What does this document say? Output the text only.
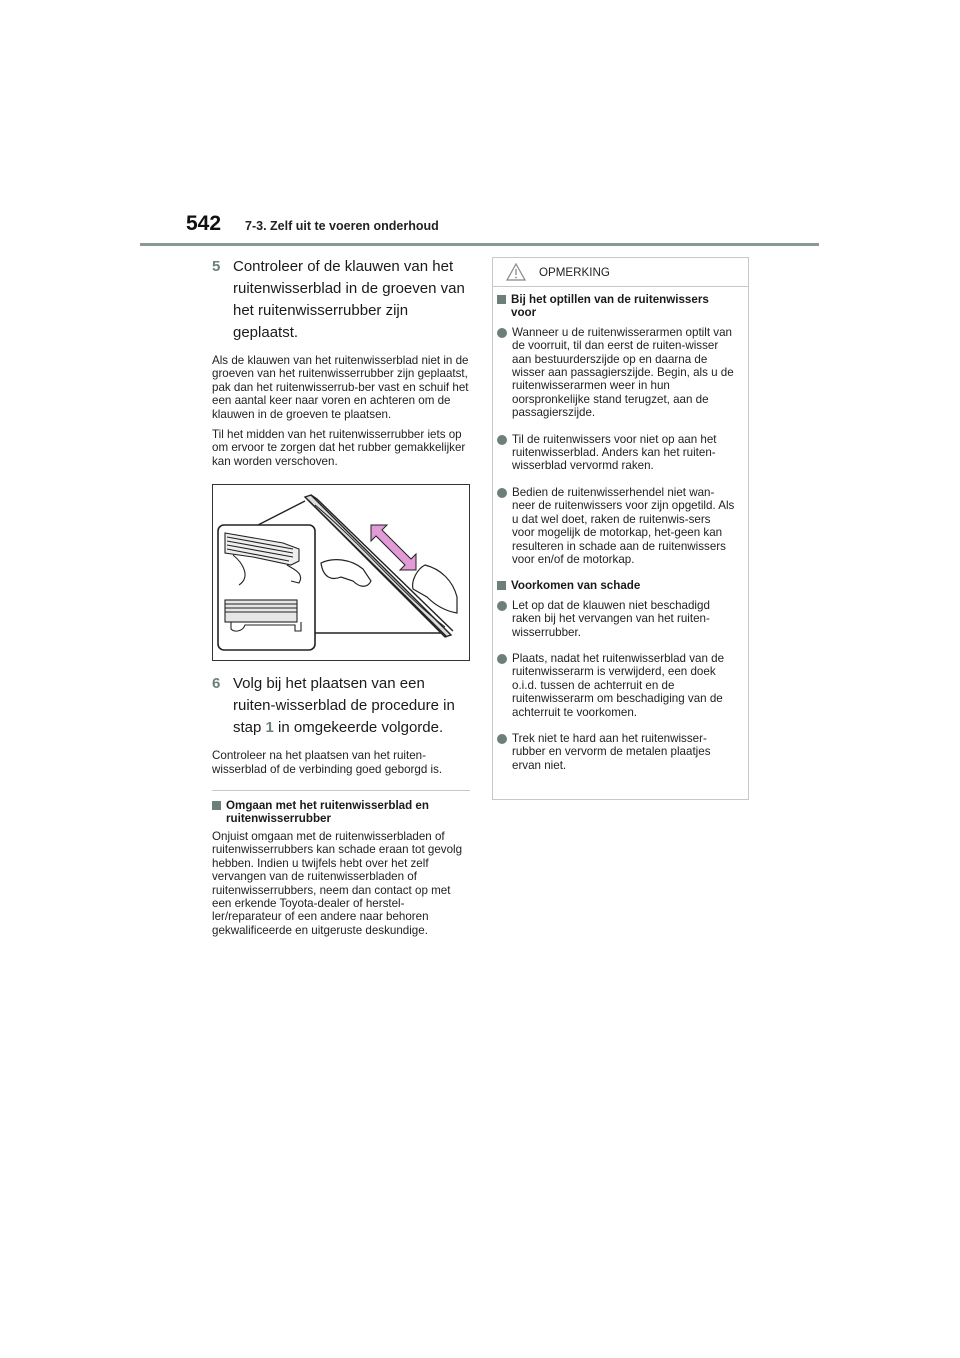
542 7-3. Zelf uit te voeren onderhoud
5 Controleer of de klauwen van het ruitenwisserblad in de groeven van het ruitenwisserrubber zijn geplaatst.

Als de klauwen van het ruitenwisserblad niet in de groeven van het ruitenwisserrubber zijn geplaatst, pak dan het ruitenwisserrub-ber vast en schuif het een aantal keer naar voren en achteren om de klauwen in de groeven te plaatsen.

Til het midden van het ruitenwisserrubber iets op om ervoor te zorgen dat het rubber gemakkelijker kan worden verschoven.

6 Volg bij het plaatsen van een ruiten-wisserblad de procedure in stap 1 in omgekeerde volgorde.

Controleer na het plaatsen van het ruiten-wisserblad of de verbinding goed geborgd is.

Omgaan met het ruitenwisserblad en ruitenwisserrubber

Onjuist omgaan met de ruitenwisserbladen of ruitenwisserrubbers kan schade eraan tot gevolg hebben. Indien u twijfels hebt over het zelf vervangen van de ruitenwisserbladen of ruitenwisserrubbers, neem dan contact op met een erkende Toyota-dealer of herstel-ler/reparateur of een andere naar behoren gekwalificeerde en uitgeruste deskundige.

OPMERKING
Bij het optillen van de ruitenwissers voor
Wanneer u de ruitenwisserarmen optilt van de voorruit, til dan eerst de ruiten-wisser aan bestuurderszijde op en daarna de wisser aan passagierszijde. Begin, als u de ruitenwisserarmen weer in hun oorspronkelijke stand terugzet, aan de passagierszijde.
Til de ruitenwissers voor niet op aan het ruitenwisserblad. Anders kan het ruiten-wisserblad vervormd raken.
Bedien de ruitenwisserhendel niet wan-neer de ruitenwissers voor zijn opgetild. Als u dat wel doet, raken de ruitenwis-sers voor mogelijk de motorkap, het-geen kan resulteren in schade aan de ruitenwissers voor en/of de motorkap.
Voorkomen van schade
Let op dat de klauwen niet beschadigd raken bij het vervangen van het ruiten-wisserrubber.
Plaats, nadat het ruitenwisserblad van de ruitenwisserarm is verwijderd, een doek o.i.d. tussen de achterruit en de ruitenwisserarm om beschadiging van de achterruit te voorkomen.
Trek niet te hard aan het ruitenwisser-rubber en vervorm de metalen plaatjes ervan niet.
